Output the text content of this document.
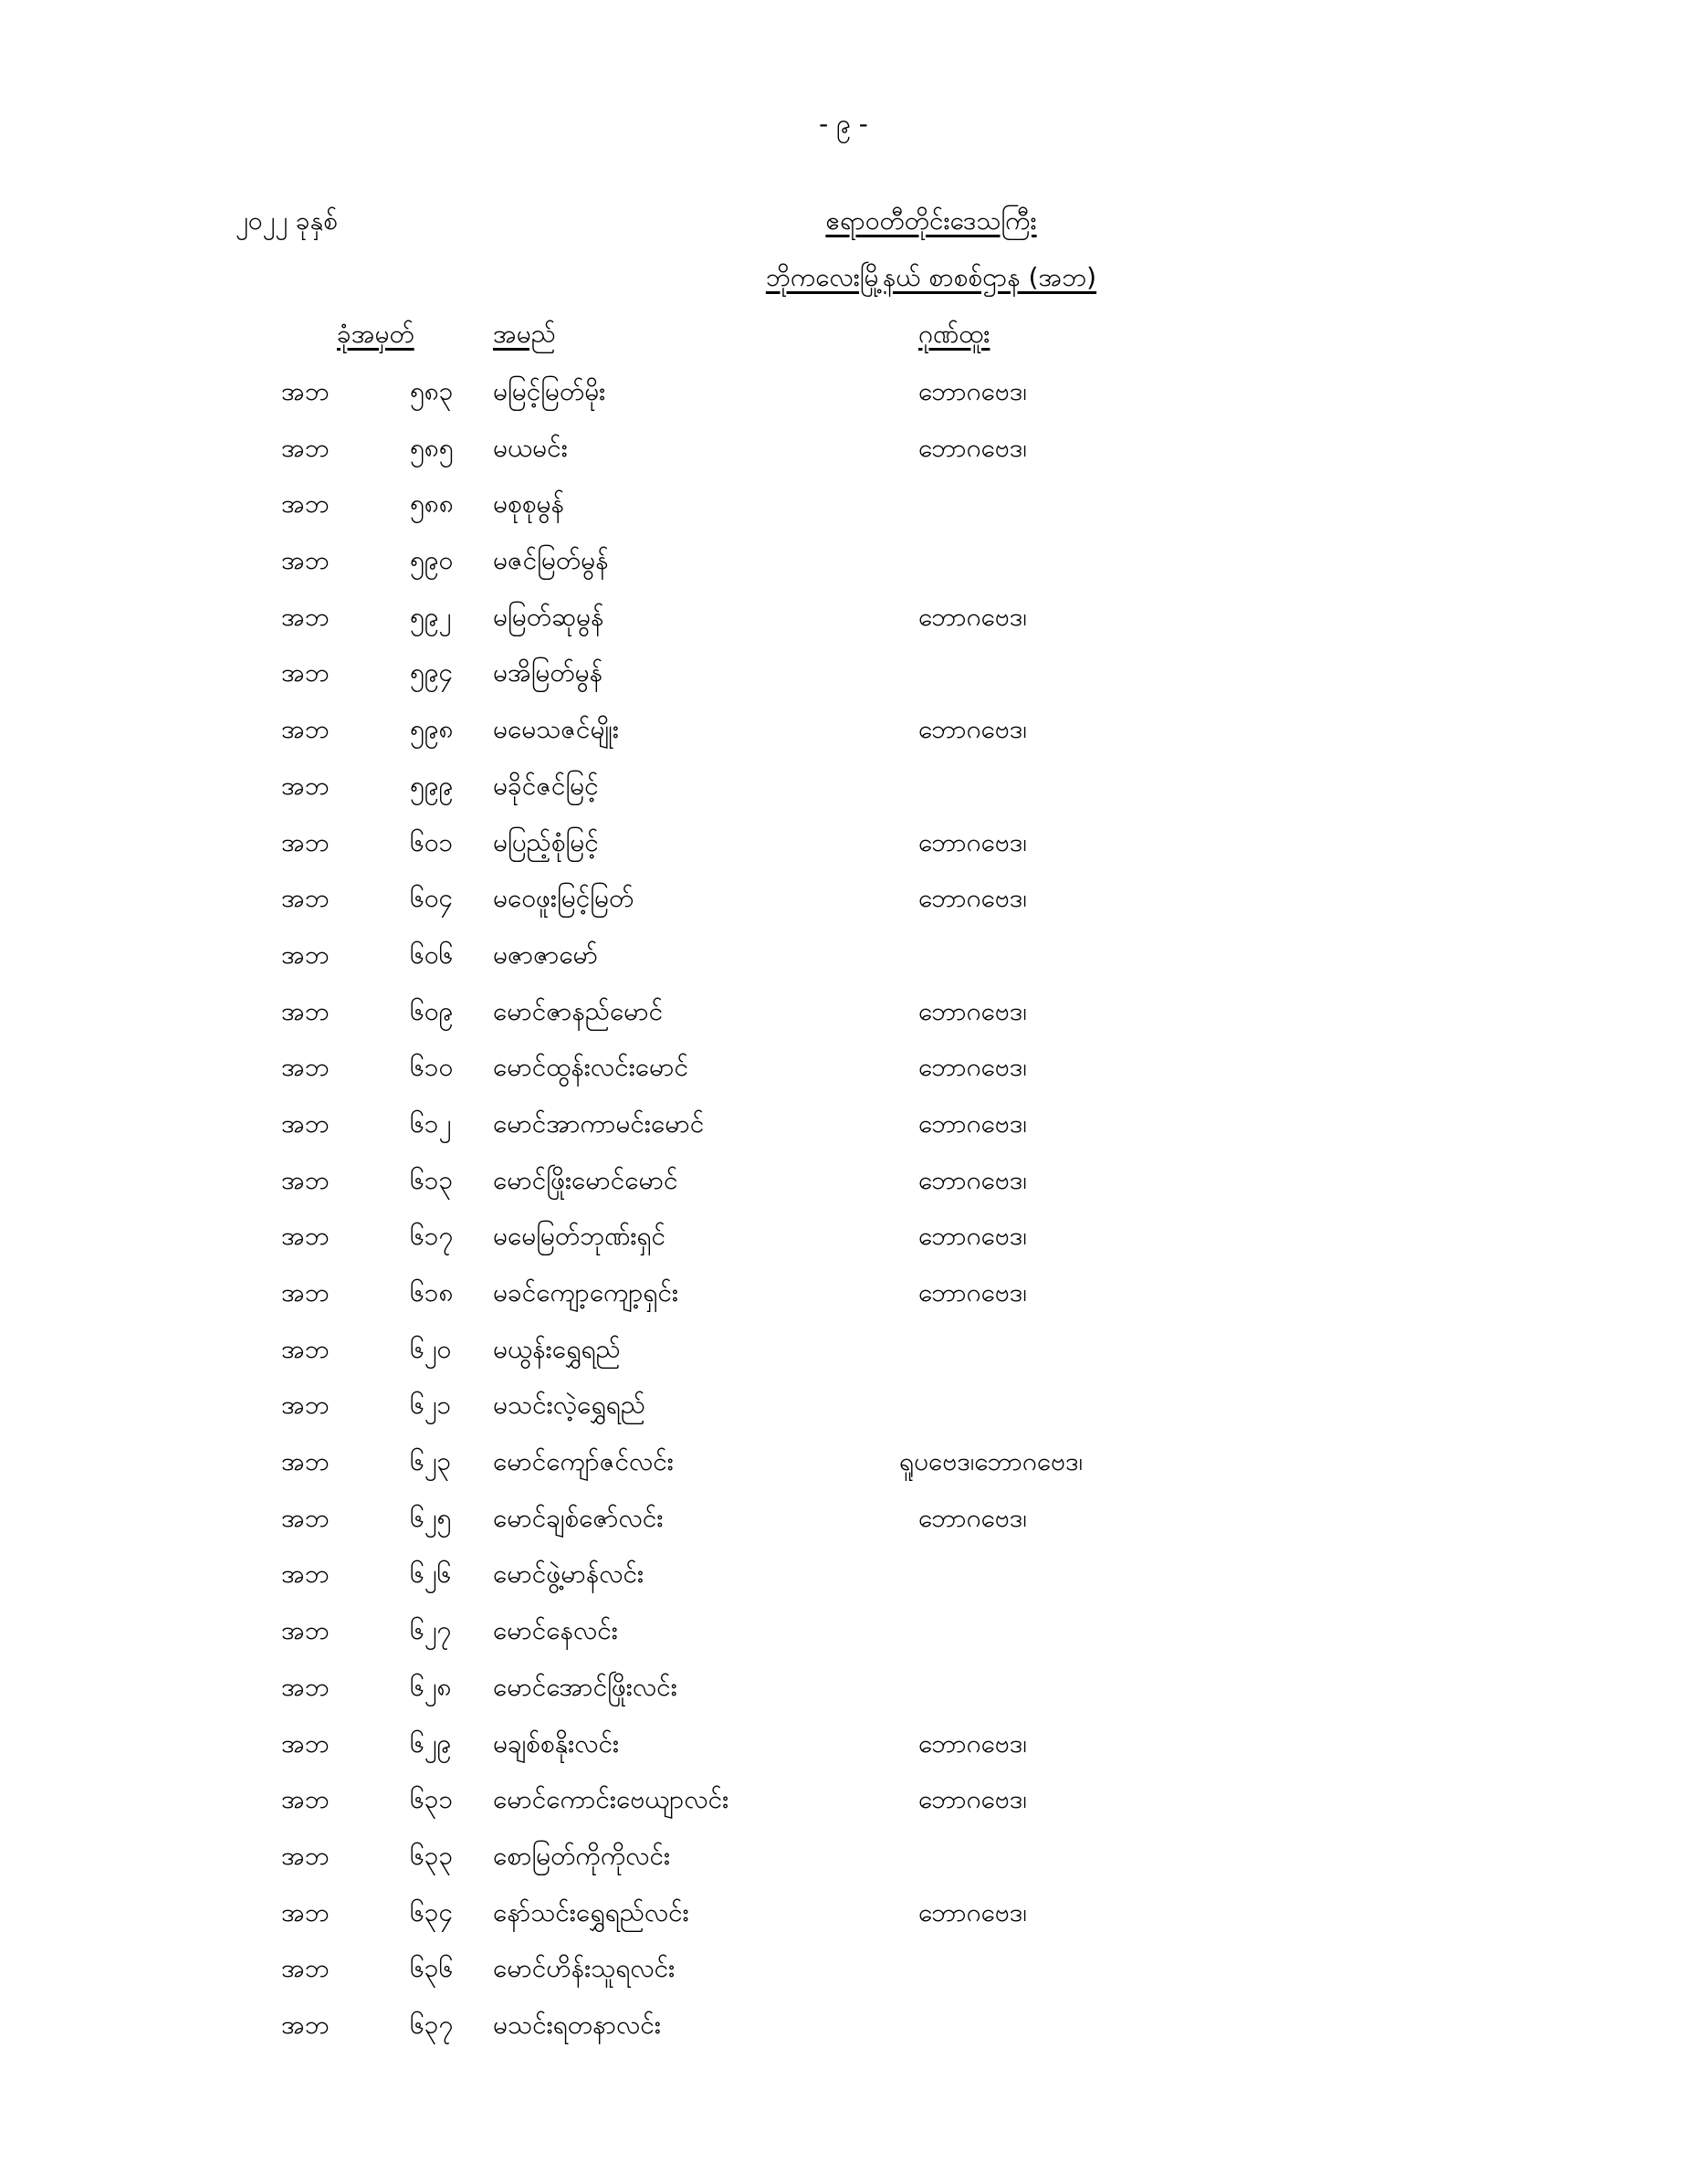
- ၉ -
၂၀၂၂ ခုနှစ်	ဧရာဝတီတိုင်းဒေသကြီး
ဘိုကလေးမြို့နယ် စာစစ်ဌာန (အဘ)
ခုံအမှတ်	အမည်	ဂုဏ်ထူး
အဘ	၅၈၃ မမြင့်မြတ်မိုး	ဘောဂဗေဒ၊
အဘ	၅၈၅ မယမင်း	ဘောဂဗေဒ၊
အဘ	၅၈၈ မစုစုမွန်
အဘ	၅၉၀ မဇင်မြတ်မွန်
အဘ	၅၉၂ မမြတ်ဆုမွန်	ဘောဂဗေဒ၊
အဘ	၅၉၄ မအိမြတ်မွန်
အဘ	၅၉၈ မမေသဇင်မျိုး	ဘောဂဗေဒ၊
အဘ	၅၉၉ မခိုင်ဇင်မြင့်
အဘ	၆၀၁ မပြည့်စုံမြင့်	ဘောဂဗေဒ၊
အဘ	၆၀၄ မဝေဖူးမြင့်မြတ်	ဘောဂဗေဒ၊
အဘ	၆၀၆ မဇာဇာမော်
အဘ	၆၀၉ မောင်ဇာနည်မောင်	ဘောဂဗေဒ၊
အဘ	၆၁၀ မောင်ထွန်းလင်းမောင်	ဘောဂဗေဒ၊
အဘ	၆၁၂ မောင်အာကာမင်းမောင်	ဘောဂဗေဒ၊
အဘ	၆၁၃ မောင်ဖြိုးမောင်မောင်	ဘောဂဗေဒ၊
အဘ	၆၁၇ မမေမြတ်ဘုဏ်းရှင်	ဘောဂဗေဒ၊
အဘ	၆၁၈ မခင်ကျော့ကျော့ရှင်း	ဘောဂဗေဒ၊
အဘ	၆၂၀ မယွန်းရွှေရည်
အဘ	၆၂၁ မသင်းလဲ့ရွှေရည်
အဘ	၆၂၃ မောင်ကျော်ဇင်လင်း	ရူပဗေဒ၊ဘောဂဗေဒ၊
အဘ	၆၂၅ မောင်ချစ်ဇော်လင်း	ဘောဂဗေဒ၊
အဘ	၆၂၆ မောင်ဖွဲ့မာန်လင်း
အဘ	၆၂၇ မောင်နေလင်း
အဘ	၆၂၈ မောင်အောင်ဖြိုးလင်း
အဘ	၆၂၉ မချစ်စနိုးလင်း	ဘောဂဗေဒ၊
အဘ	၆၃၁ မောင်ကောင်းဗေယျာလင်း	ဘောဂဗေဒ၊
အဘ	၆၃၃ စောမြတ်ကိုကိုလင်း
အဘ	၆၃၄ နော်သင်းရွှေရည်လင်း	ဘောဂဗေဒ၊
အဘ	၆၃၆ မောင်ဟိန်းသူရလင်း
အဘ	၆၃၇ မသင်းရတနာလင်း
